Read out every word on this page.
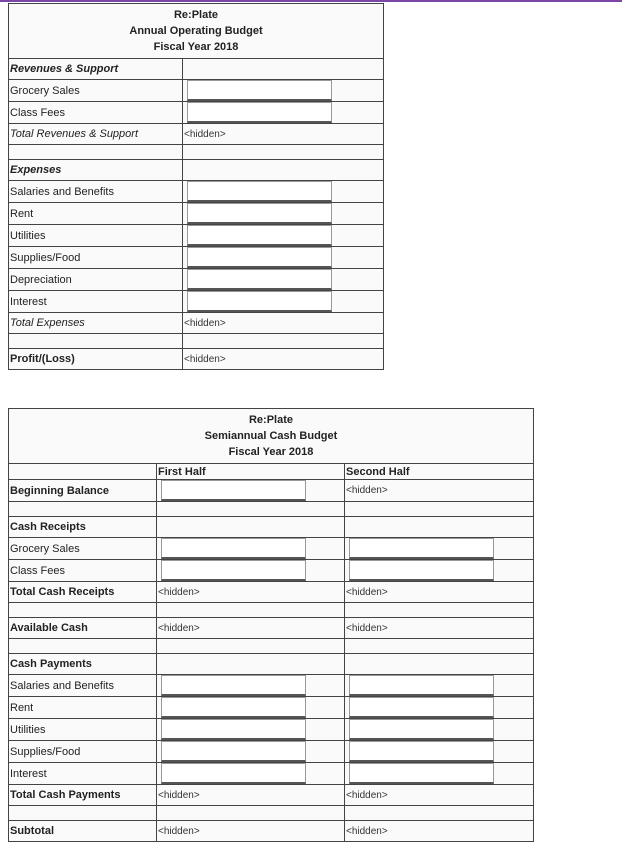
Re:Plate
Annual Operating Budget
Fiscal Year 2018	

Revenues & Support	
Grocery Sales	

Class Fees	

Total Revenues & Support	<hidden>

Expenses	
Salaries and Benefits	

Rent	

Utilities	

Supplies/Food	

Depreciation	

Interest	

Total Expenses	<hidden>

Profit/(Loss)	<hidden>
Re:Plate
Semiannual Cash Budget
Fiscal Year 2018		

	First Half	Second Half
Beginning Balance		<hidden>

Cash Receipts		
Grocery Sales	

Class Fees	

Total Cash Receipts	<hidden>	<hidden>

Available Cash	<hidden>	<hidden>

Cash Payments		
Salaries and Benefits	

Rent	

Utilities	

Supplies/Food	

Interest	

Total Cash Payments	<hidden>	<hidden>

Subtotal	<hidden>	<hidden>
